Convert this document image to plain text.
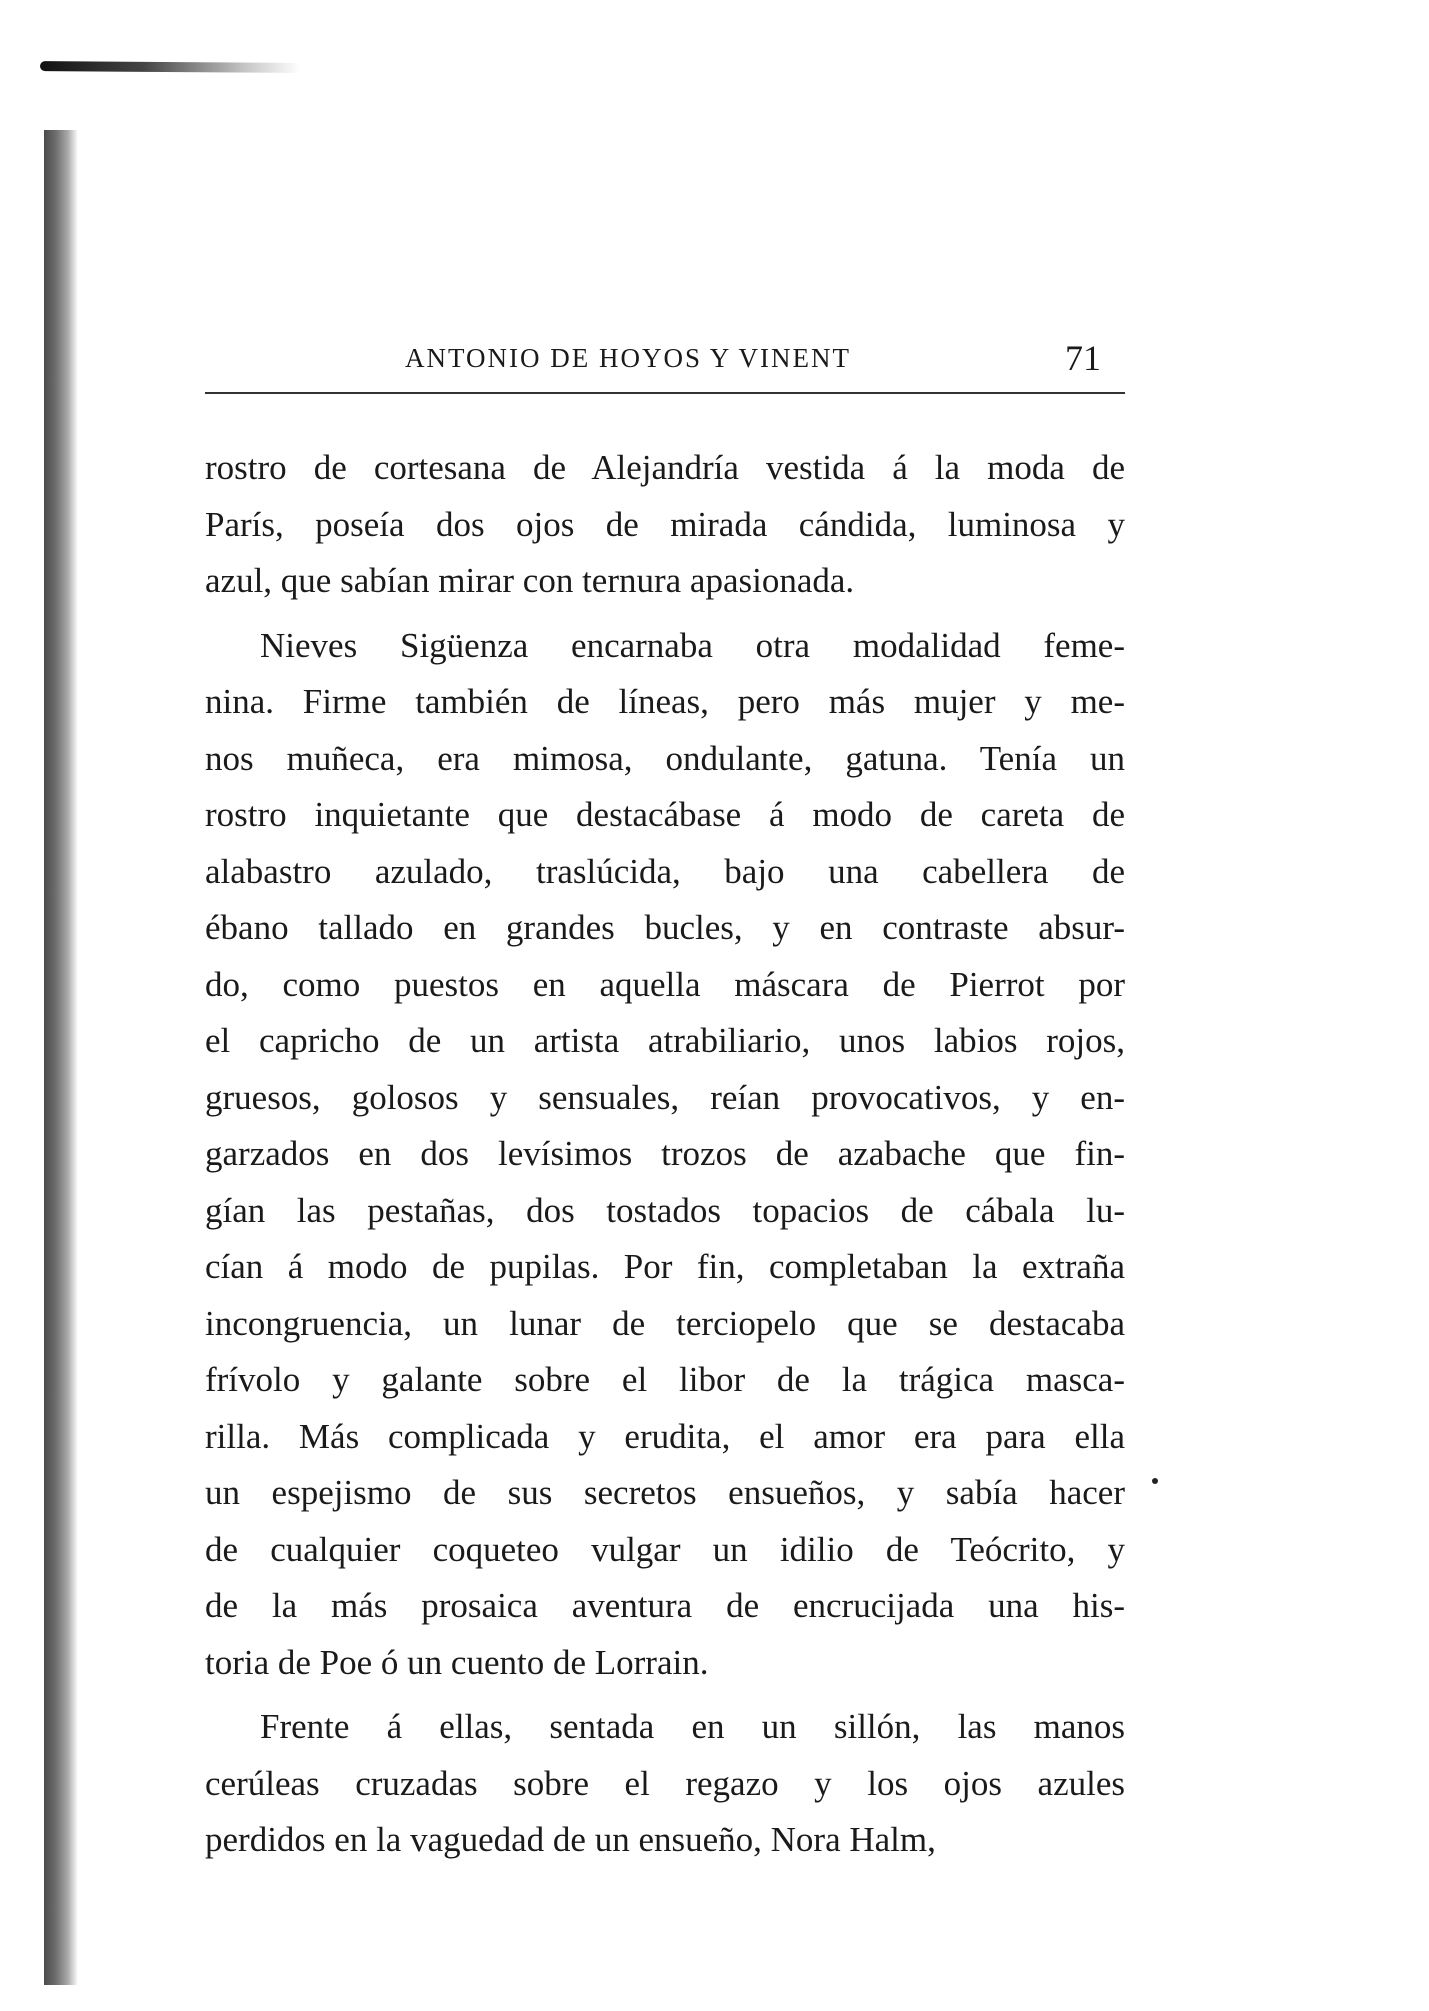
ANTONIO DE HOYOS Y VINENT	71
rostro de cortesana de Alejandría vestida á la moda de
París, poseía dos ojos de mirada cándida, luminosa y
azul, que sabían mirar con ternura apasionada.
Nieves Sigüenza encarnaba otra modalidad feme-
nina. Firme también de líneas, pero más mujer y me-
nos muñeca, era mimosa, ondulante, gatuna. Tenía un
rostro inquietante que destacábase á modo de careta de
alabastro azulado, traslúcida, bajo una cabellera de
ébano tallado en grandes bucles, y en contraste absur-
do, como puestos en aquella máscara de Pierrot por
el capricho de un artista atrabiliario, unos labios rojos,
gruesos, golosos y sensuales, reían provocativos, y en-
garzados en dos levísimos trozos de azabache que fin-
gían las pestañas, dos tostados topacios de cábala lu-
cían á modo de pupilas. Por fin, completaban la extraña
incongruencia, un lunar de terciopelo que se destacaba
frívolo y galante sobre el libor de la trágica masca-
rilla. Más complicada y erudita, el amor era para ella
un espejismo de sus secretos ensueños, y sabía hacer
de cualquier coqueteo vulgar un idilio de Teócrito, y
de la más prosaica aventura de encrucijada una his-
toria de Poe ó un cuento de Lorrain.
Frente á ellas, sentada en un sillón, las manos
cerúleas cruzadas sobre el regazo y los ojos azules
perdidos en la vaguedad de un ensueño, Nora Halm,
